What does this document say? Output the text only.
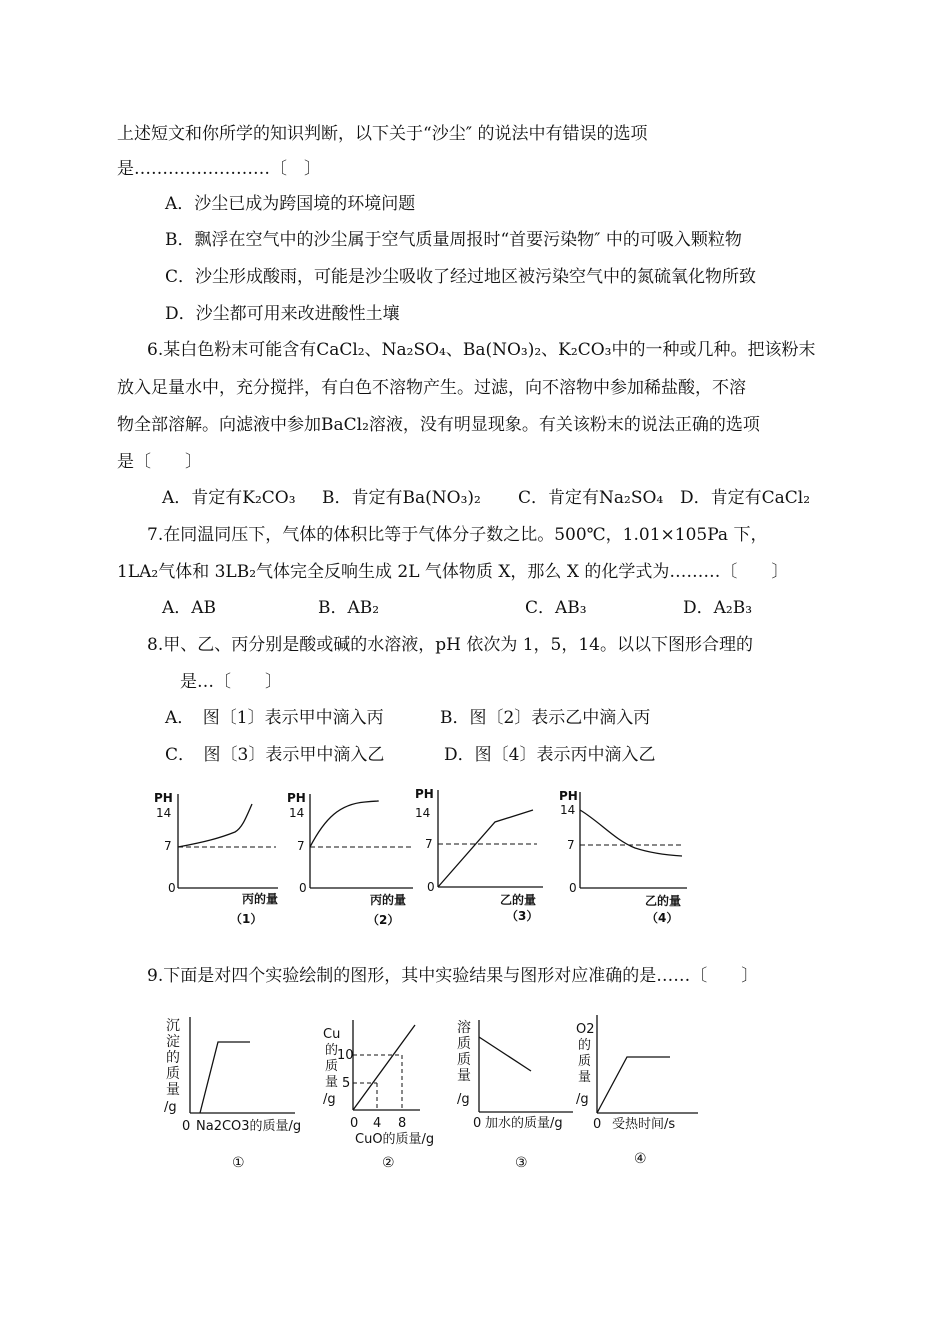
上述短文和你所学的知识判断，以下关于“沙尘″ 的说法中有错误的选项
是……………………〔　〕
A．沙尘已成为跨国境的环境问题
B．飘浮在空气中的沙尘属于空气质量周报时“首要污染物″ 中的可吸入颗粒物
C．沙尘形成酸雨，可能是沙尘吸收了经过地区被污染空气中的氮硫氧化物所致
D．沙尘都可用来改进酸性土壤
6.某白色粉末可能含有CaCl₂、Na₂SO₄、Ba(NO₃)₂、K₂CO₃中的一种或几种。把该粉末
放入足量水中，充分搅拌，有白色不溶物产生。过滤，向不溶物中参加稀盐酸，不溶
物全部溶解。向滤液中参加BaCl₂溶液，没有明显现象。有关该粉末的说法正确的选项
是〔　　〕
A．肯定有K₂CO₃ B．肯定有Ba(NO₃)₂ C．肯定有Na₂SO₄ D．肯定有CaCl₂
7.在同温同压下，气体的体积比等于气体分子数之比。500℃，1.01×105Pa 下，
1LA₂气体和 3LB₂气体完全反响生成 2L 气体物质 X，那么 X 的化学式为………〔　　〕
A．AB	B．AB₂	C．AB₃	D．A₂B₃
8.甲、乙、丙分别是酸或碱的水溶液，pH 依次为 1，5，14。以以下图形合理的
是…〔　　〕
A．　图〔1〕表示甲中滴入丙	B．图〔2〕表示乙中滴入丙
C．　图〔3〕表示甲中滴入乙	D．图〔4〕表示丙中滴入乙
PH
14
7
0
丙的量
（1）
PH
14
7
0
丙的量
（2）
PH
14
7
0
乙的量
（3）
PH
14
7
0
乙的量
（4）
9.下面是对四个实验绘制的图形，其中实验结果与图形对应准确的是……〔　　〕
沉
淀
的
质
量
/g
0 Na2CO3的质量/g
①
Cu
的
质
量
/g
10
5
0 4 8
CuO的质量/g
②
溶
质
质
量
/g
0 加水的质量/g
③
O2
的
质
量
/g
0 受热时间/s
④
